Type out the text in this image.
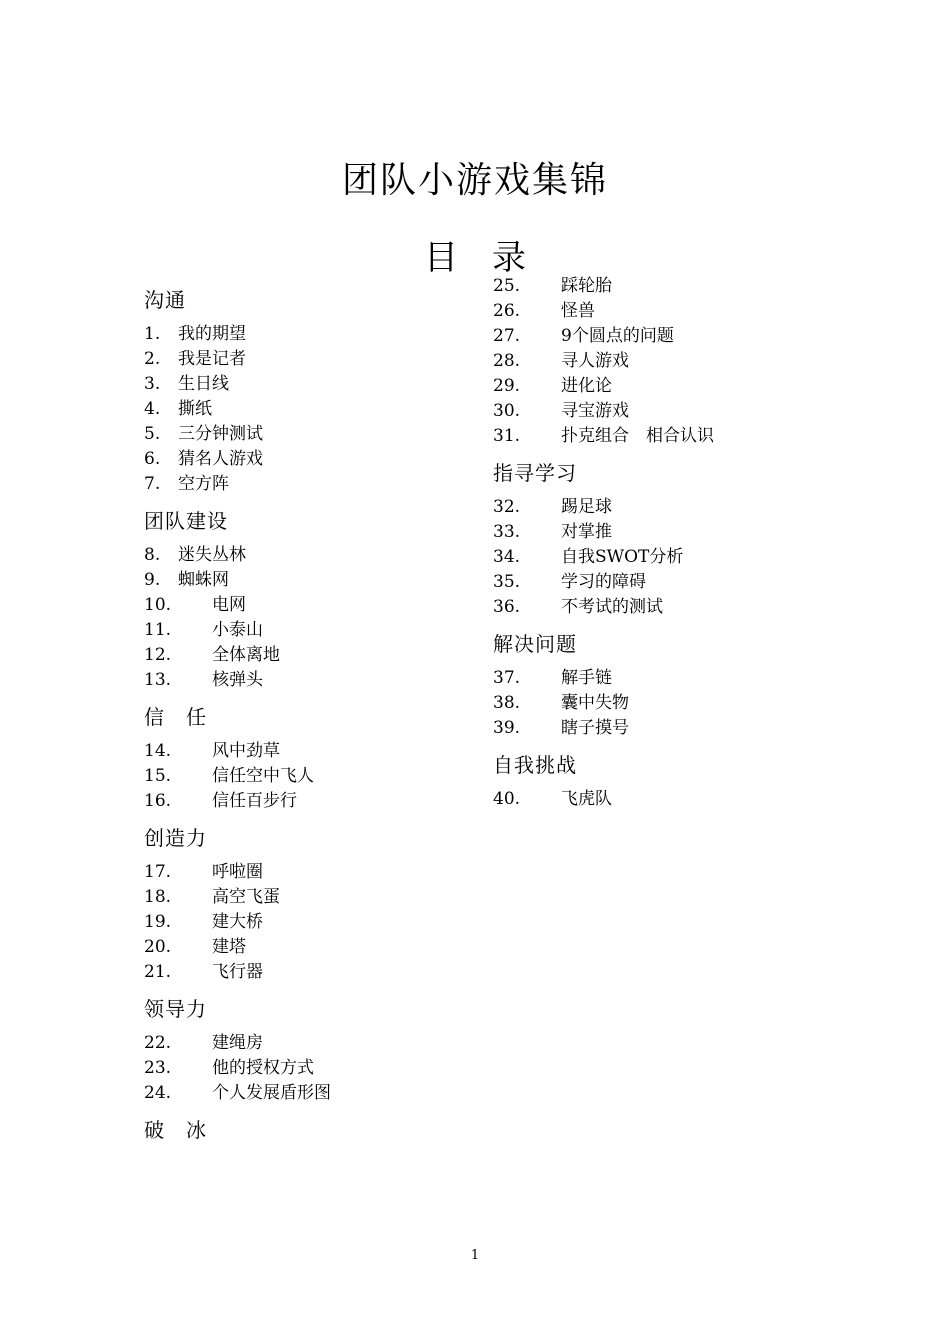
团队小游戏集锦
目　录
沟通
1. 我的期望
2. 我是记者
3. 生日线
4. 撕纸
5. 三分钟测试
6. 猜名人游戏
7. 空方阵
团队建设
8. 迷失丛林
9. 蜘蛛网
10. 电网
11. 小泰山
12. 全体离地
13. 核弹头
信　任
14. 风中劲草
15. 信任空中飞人
16. 信任百步行
创造力
17. 呼啦圈
18. 高空飞蛋
19. 建大桥
20. 建塔
21. 飞行器
领导力
22. 建绳房
23. 他的授权方式
24. 个人发展盾形图
破　冰
25. 踩轮胎
26. 怪兽
27. 9个圆点的问题
28. 寻人游戏
29. 进化论
30. 寻宝游戏
31. 扑克组合　相合认识
指寻学习
32. 踢足球
33. 对掌推
34. 自我SWOT分析
35. 学习的障碍
36. 不考试的测试
解决问题
37. 解手链
38. 囊中失物
39. 瞎子摸号
自我挑战
40. 飞虎队
1
